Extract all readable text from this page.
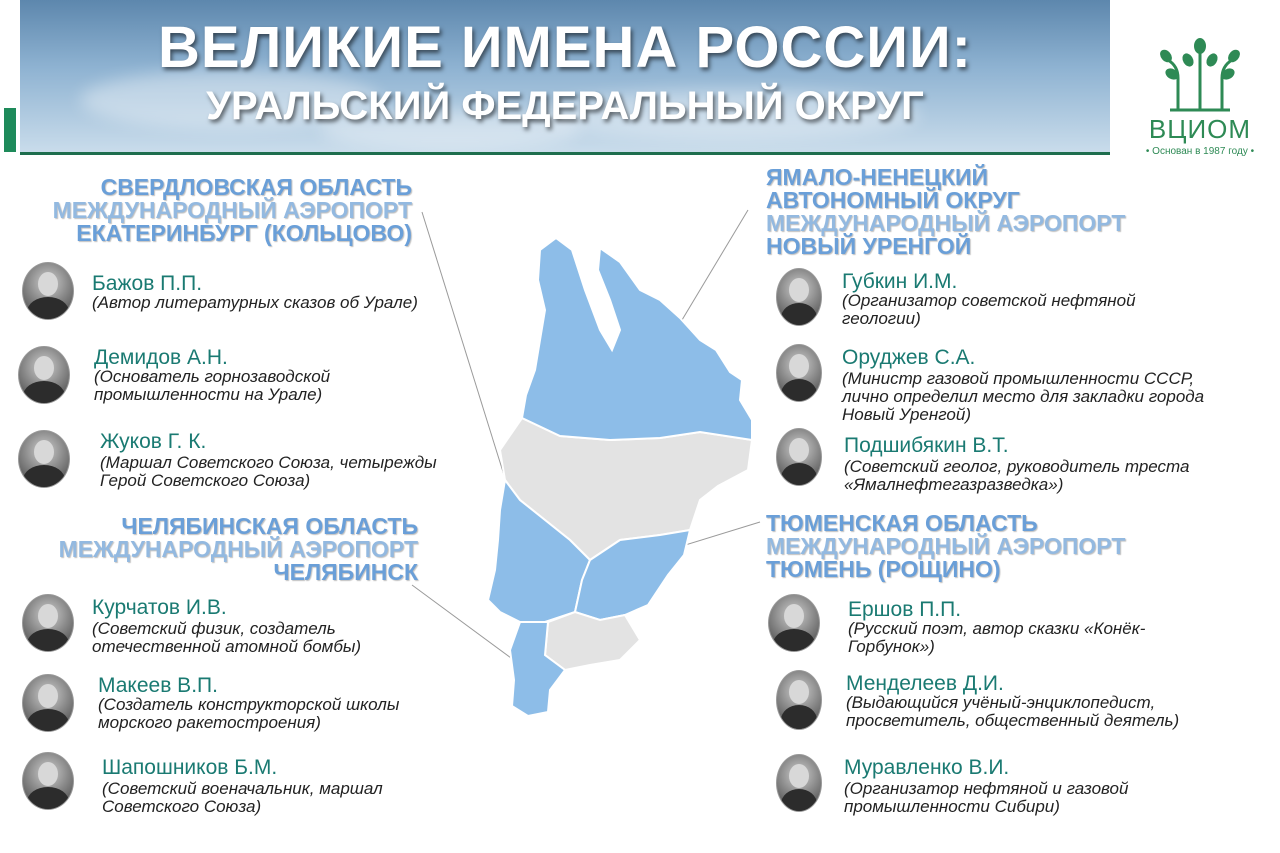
ВЕЛИКИЕ ИМЕНА РОССИИ:
УРАЛЬСКИЙ ФЕДЕРАЛЬНЫЙ ОКРУГ
ВЦИОМ
• Основан в 1987 году •
СВЕРДЛОВСКАЯ ОБЛАСТЬ
МЕЖДУНАРОДНЫЙ АЭРОПОРТ
ЕКАТЕРИНБУРГ (КОЛЬЦОВО)
ЧЕЛЯБИНСКАЯ ОБЛАСТЬ
МЕЖДУНАРОДНЫЙ АЭРОПОРТ
ЧЕЛЯБИНСК
ЯМАЛО-НЕНЕЦКИЙ
АВТОНОМНЫЙ ОКРУГ
МЕЖДУНАРОДНЫЙ АЭРОПОРТ
НОВЫЙ УРЕНГОЙ
ТЮМЕНСКАЯ ОБЛАСТЬ
МЕЖДУНАРОДНЫЙ АЭРОПОРТ
ТЮМЕНЬ (РОЩИНО)
Бажов П.П.
(Автор литературных сказов об Урале)
Демидов А.Н.
(Основатель горнозаводской
промышленности на Урале)
Жуков Г. К.
(Маршал Советского Союза, четырежды
Герой Советского Союза)
Курчатов И.В.
(Советский физик, создатель
отечественной атомной бомбы)
Макеев В.П.
(Создатель конструкторской школы
морского ракетостроения)
Шапошников Б.М.
(Советский военачальник, маршал
Советского Союза)
Губкин И.М.
(Организатор советской нефтяной
геологии)
Оруджев С.А.
(Министр газовой промышленности СССР,
лично определил место для закладки города
Новый Уренгой)
Подшибякин В.Т.
(Советский геолог, руководитель треста
«Ямалнефтегазразведка»)
Ершов П.П.
(Русский поэт, автор сказки «Конёк-
Горбунок»)
Менделеев Д.И.
(Выдающийся учёный-энциклопедист,
просветитель, общественный деятель)
Муравленко В.И.
(Организатор нефтяной и газовой
промышленности Сибири)
